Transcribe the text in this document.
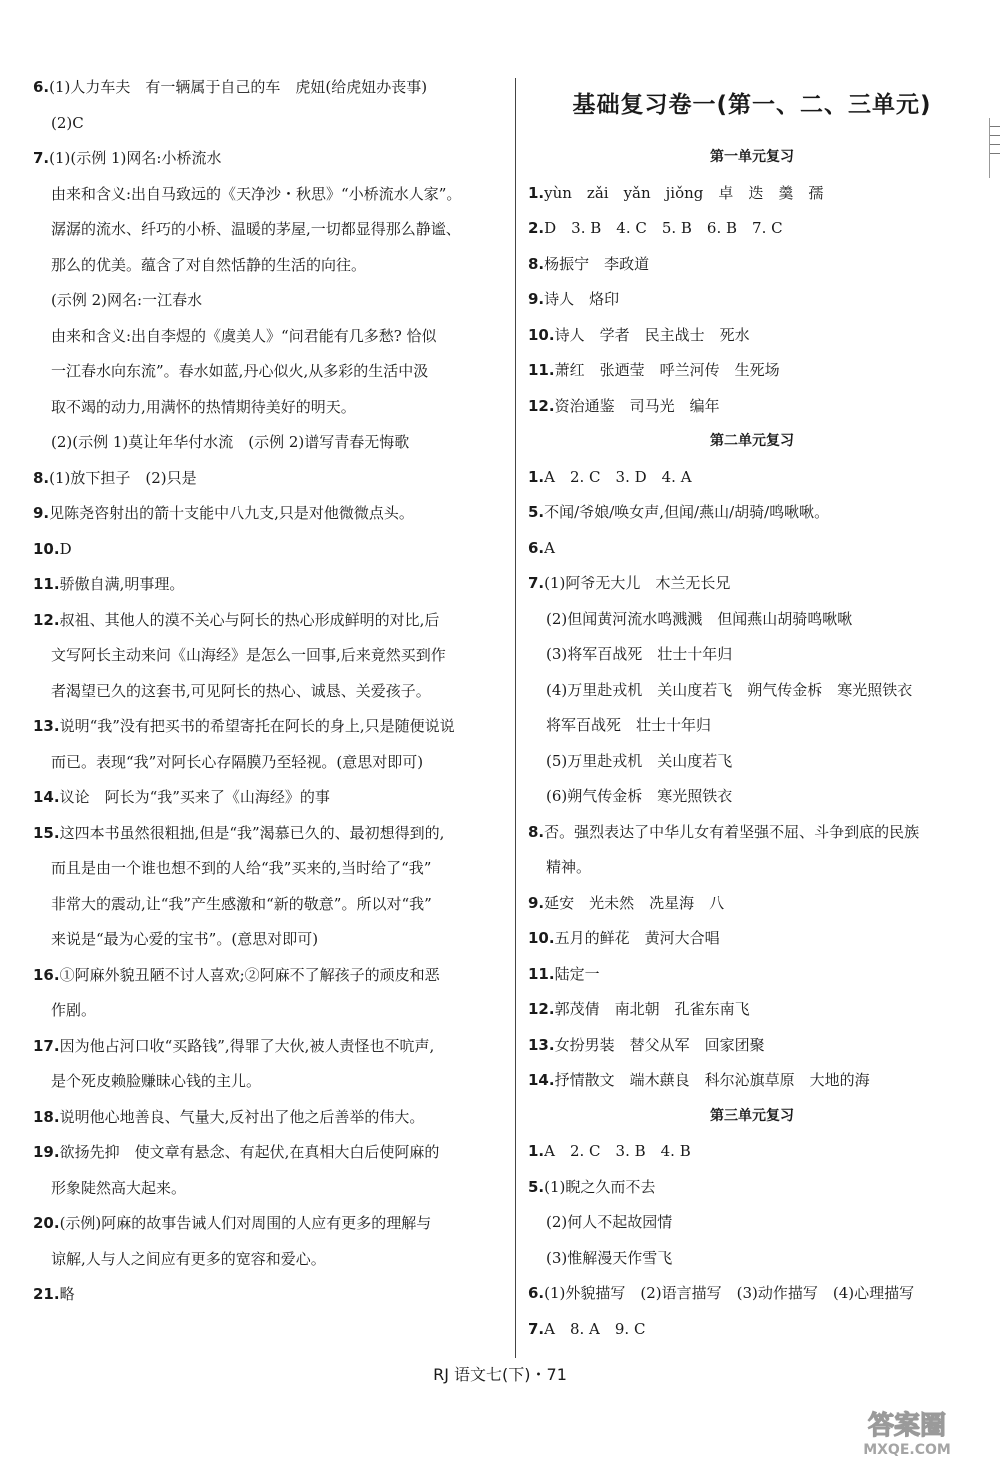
6.(1)人力车夫　有一辆属于自己的车　虎妞(给虎妞办丧事)
(2)C
7.(1)(示例 1)网名:小桥流水
由来和含义:出自马致远的《天净沙・秋思》“小桥流水人家”。
潺潺的流水、纤巧的小桥、温暖的茅屋,一切都显得那么静谧、
那么的优美。蕴含了对自然恬静的生活的向往。
(示例 2)网名:一江春水
由来和含义:出自李煜的《虞美人》“问君能有几多愁? 恰似
一江春水向东流”。春水如蓝,丹心似火,从多彩的生活中汲
取不竭的动力,用满怀的热情期待美好的明天。
(2)(示例 1)莫让年华付水流　(示例 2)谱写青春无悔歌
8.(1)放下担子　(2)只是
9.见陈尧咨射出的箭十支能中八九支,只是对他微微点头。
10.D
11.骄傲自满,明事理。
12.叔祖、其他人的漠不关心与阿长的热心形成鲜明的对比,后
文写阿长主动来问《山海经》是怎么一回事,后来竟然买到作
者渴望已久的这套书,可见阿长的热心、诚恳、关爱孩子。
13.说明“我”没有把买书的希望寄托在阿长的身上,只是随便说说
而已。表现“我”对阿长心存隔膜乃至轻视。(意思对即可)
14.议论　阿长为“我”买来了《山海经》的事
15.这四本书虽然很粗拙,但是“我”渴慕已久的、最初想得到的,
而且是由一个谁也想不到的人给“我”买来的,当时给了“我”
非常大的震动,让“我”产生感激和“新的敬意”。所以对“我”
来说是“最为心爱的宝书”。(意思对即可)
16.①阿麻外貌丑陋不讨人喜欢;②阿麻不了解孩子的顽皮和恶
作剧。
17.因为他占河口收“买路钱”,得罪了大伙,被人责怪也不吭声,
是个死皮赖脸赚昧心钱的主儿。
18.说明他心地善良、气量大,反衬出了他之后善举的伟大。
19.欲扬先抑　使文章有悬念、有起伏,在真相大白后使阿麻的
形象陡然高大起来。
20.(示例)阿麻的故事告诫人们对周围的人应有更多的理解与
谅解,人与人之间应有更多的宽容和爱心。
21.略
基础复习卷一(第一、二、三单元)
第一单元复习
1.yùn　zǎi　yǎn　jiǒng　卓　迭　羹　孺
2.D　3. B　4. C　5. B　6. B　7. C
8.杨振宁　李政道
9.诗人　烙印
10.诗人　学者　民主战士　死水
11.萧红　张迺莹　呼兰河传　生死场
12.资治通鉴　司马光　编年
第二单元复习
1.A　2. C　3. D　4. A
5.不闻/爷娘/唤女声,但闻/燕山/胡骑/鸣啾啾。
6.A
7.(1)阿爷无大儿　木兰无长兄
(2)但闻黄河流水鸣溅溅　但闻燕山胡骑鸣啾啾
(3)将军百战死　壮士十年归
(4)万里赴戎机　关山度若飞　朔气传金柝　寒光照铁衣
将军百战死　壮士十年归
(5)万里赴戎机　关山度若飞
(6)朔气传金柝　寒光照铁衣
8.否。强烈表达了中华儿女有着坚强不屈、斗争到底的民族
精神。
9.延安　光未然　冼星海　八
10.五月的鲜花　黄河大合唱
11.陆定一
12.郭茂倩　南北朝　孔雀东南飞
13.女扮男装　替父从军　回家团聚
14.抒情散文　端木蕻良　科尔沁旗草原　大地的海
第三单元复习
1.A　2. C　3. B　4. B
5.(1)睨之久而不去
(2)何人不起故园情
(3)惟解漫天作雪飞
6.(1)外貌描写　(2)语言描写　(3)动作描写　(4)心理描写
7.A　8. A　9. C
RJ 语文七(下)・71
答案圈
MXQE.COM
